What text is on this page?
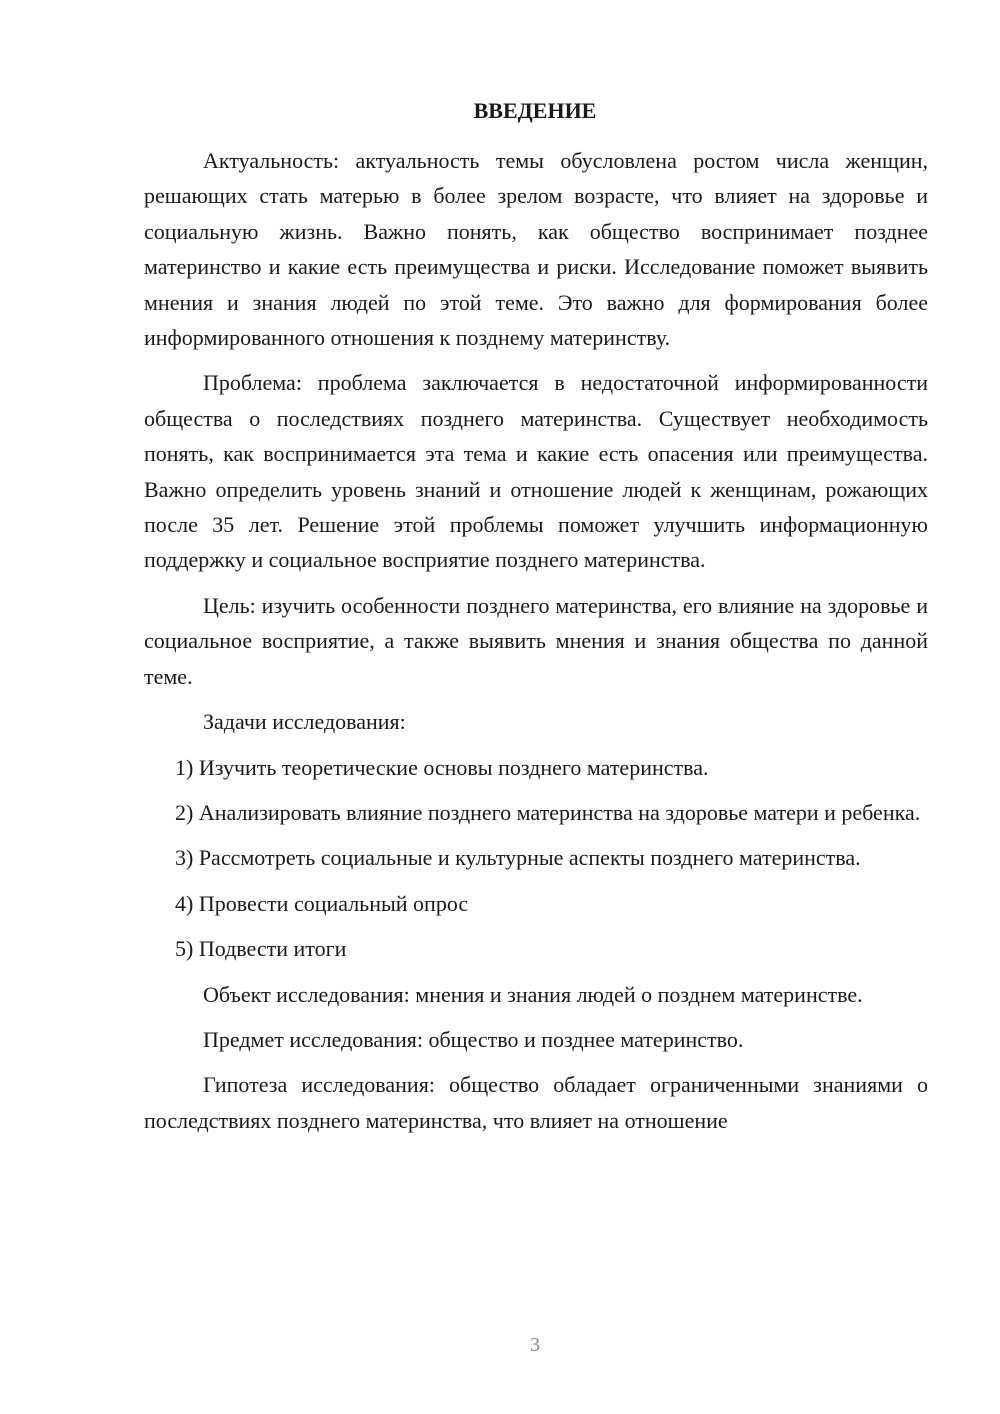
ВВЕДЕНИЕ

Актуальность: актуальность темы обусловлена ростом числа женщин, решающих стать матерью в более зрелом возрасте, что влияет на здоровье и социальную жизнь. Важно понять, как общество воспринимает позднее материнство и какие есть преимущества и риски. Исследование поможет выявить мнения и знания людей по этой теме. Это важно для формирования более информированного отношения к позднему материнству.

Проблема: проблема заключается в недостаточной информированности общества о последствиях позднего материнства. Существует необходимость понять, как воспринимается эта тема и какие есть опасения или преимущества. Важно определить уровень знаний и отношение людей к женщинам, рожающих после 35 лет. Решение этой проблемы поможет улучшить информационную поддержку и социальное восприятие позднего материнства.

Цель: изучить особенности позднего материнства, его влияние на здоровье и социальное восприятие, а также выявить мнения и знания общества по данной теме.

Задачи исследования:

1) Изучить теоретические основы позднего материнства.

2) Анализировать влияние позднего материнства на здоровье матери и ребенка.

3) Рассмотреть социальные и культурные аспекты позднего материнства.

4) Провести социальный опрос

5) Подвести итоги

Объект исследования: мнения и знания людей о позднем материнстве.

Предмет исследования: общество и позднее материнство.

Гипотеза исследования: общество обладает ограниченными знаниями о последствиях позднего материнства, что влияет на отношение

3
